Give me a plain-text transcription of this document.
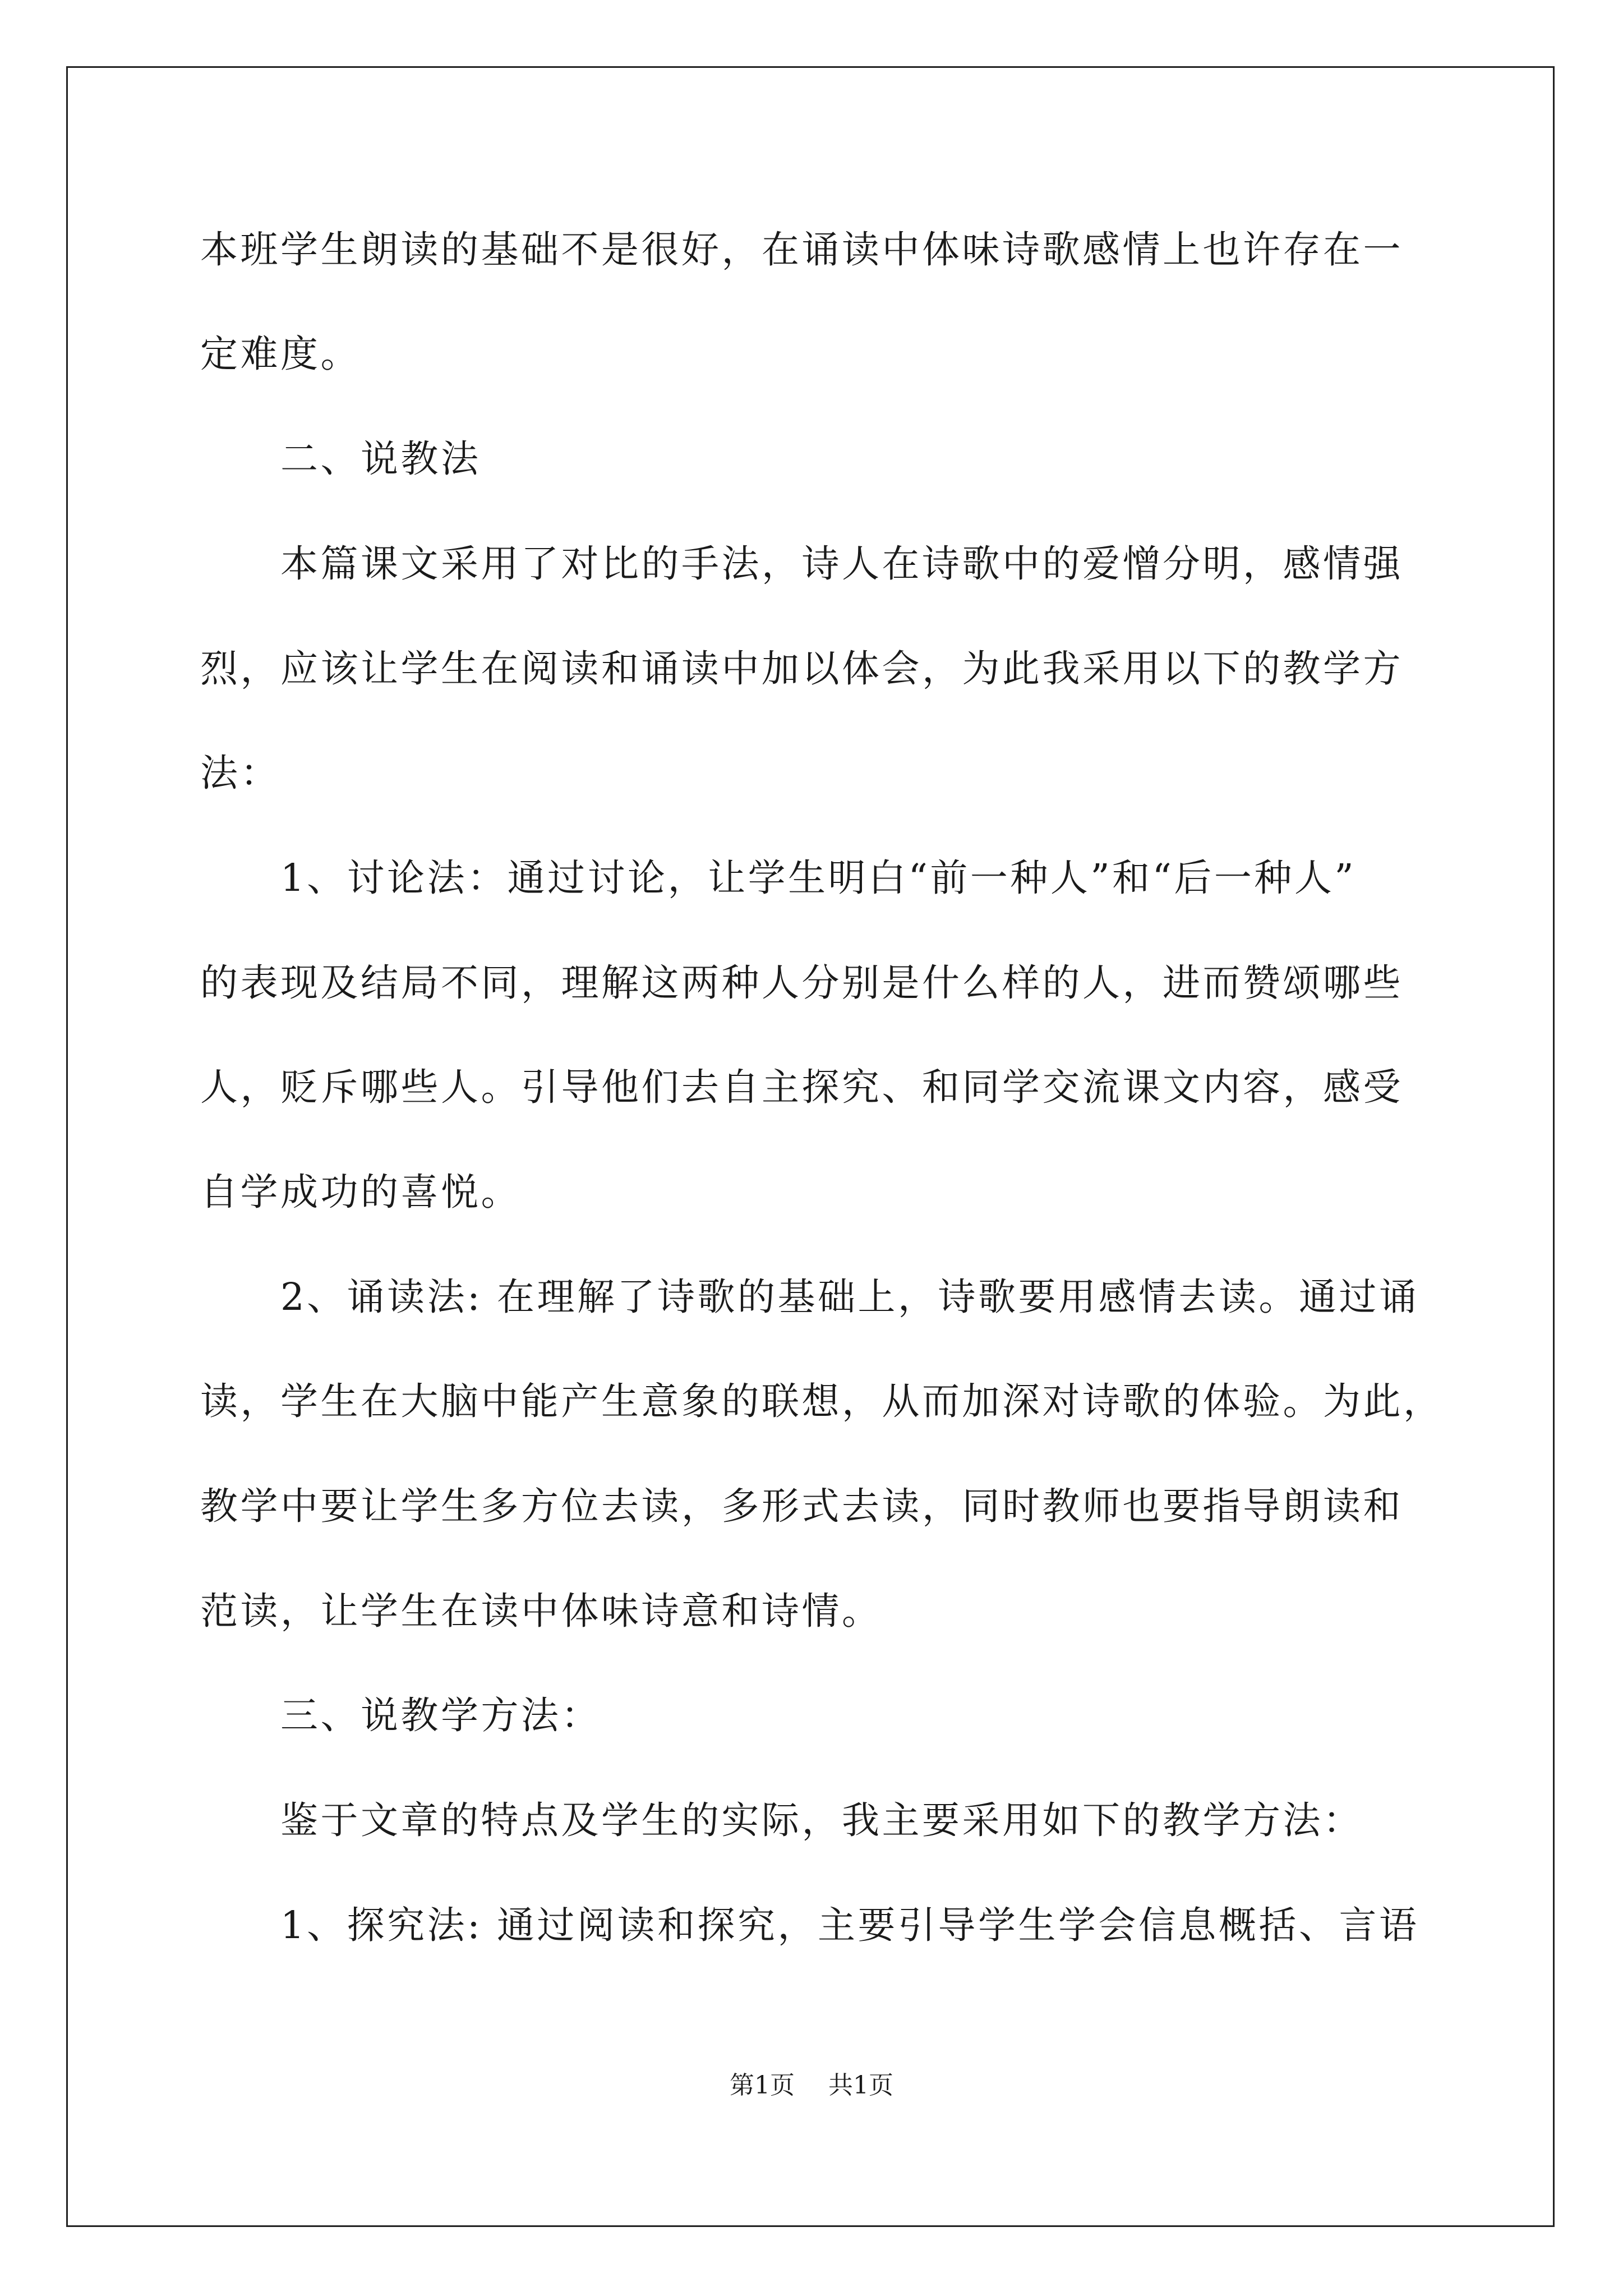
本班学生朗读的基础不是很好，在诵读中体味诗歌感情上也许存在一
定难度。
二、说教法
本篇课文采用了对比的手法，诗人在诗歌中的爱憎分明，感情强
烈，应该让学生在阅读和诵读中加以体会，为此我采用以下的教学方
法：
1、讨论法：通过讨论，让学生明白“前一种人”和“后一种人”
的表现及结局不同，理解这两种人分别是什么样的人，进而赞颂哪些
人，贬斥哪些人。引导他们去自主探究、和同学交流课文内容，感受
自学成功的喜悦。
2、诵读法: 在理解了诗歌的基础上，诗歌要用感情去读。通过诵
读，学生在大脑中能产生意象的联想，从而加深对诗歌的体验。为此，
教学中要让学生多方位去读，多形式去读，同时教师也要指导朗读和
范读，让学生在读中体味诗意和诗情。
三、说教学方法：
鉴于文章的特点及学生的实际，我主要采用如下的教学方法：
1、探究法: 通过阅读和探究，主要引导学生学会信息概括、言语
第1页 共1页
